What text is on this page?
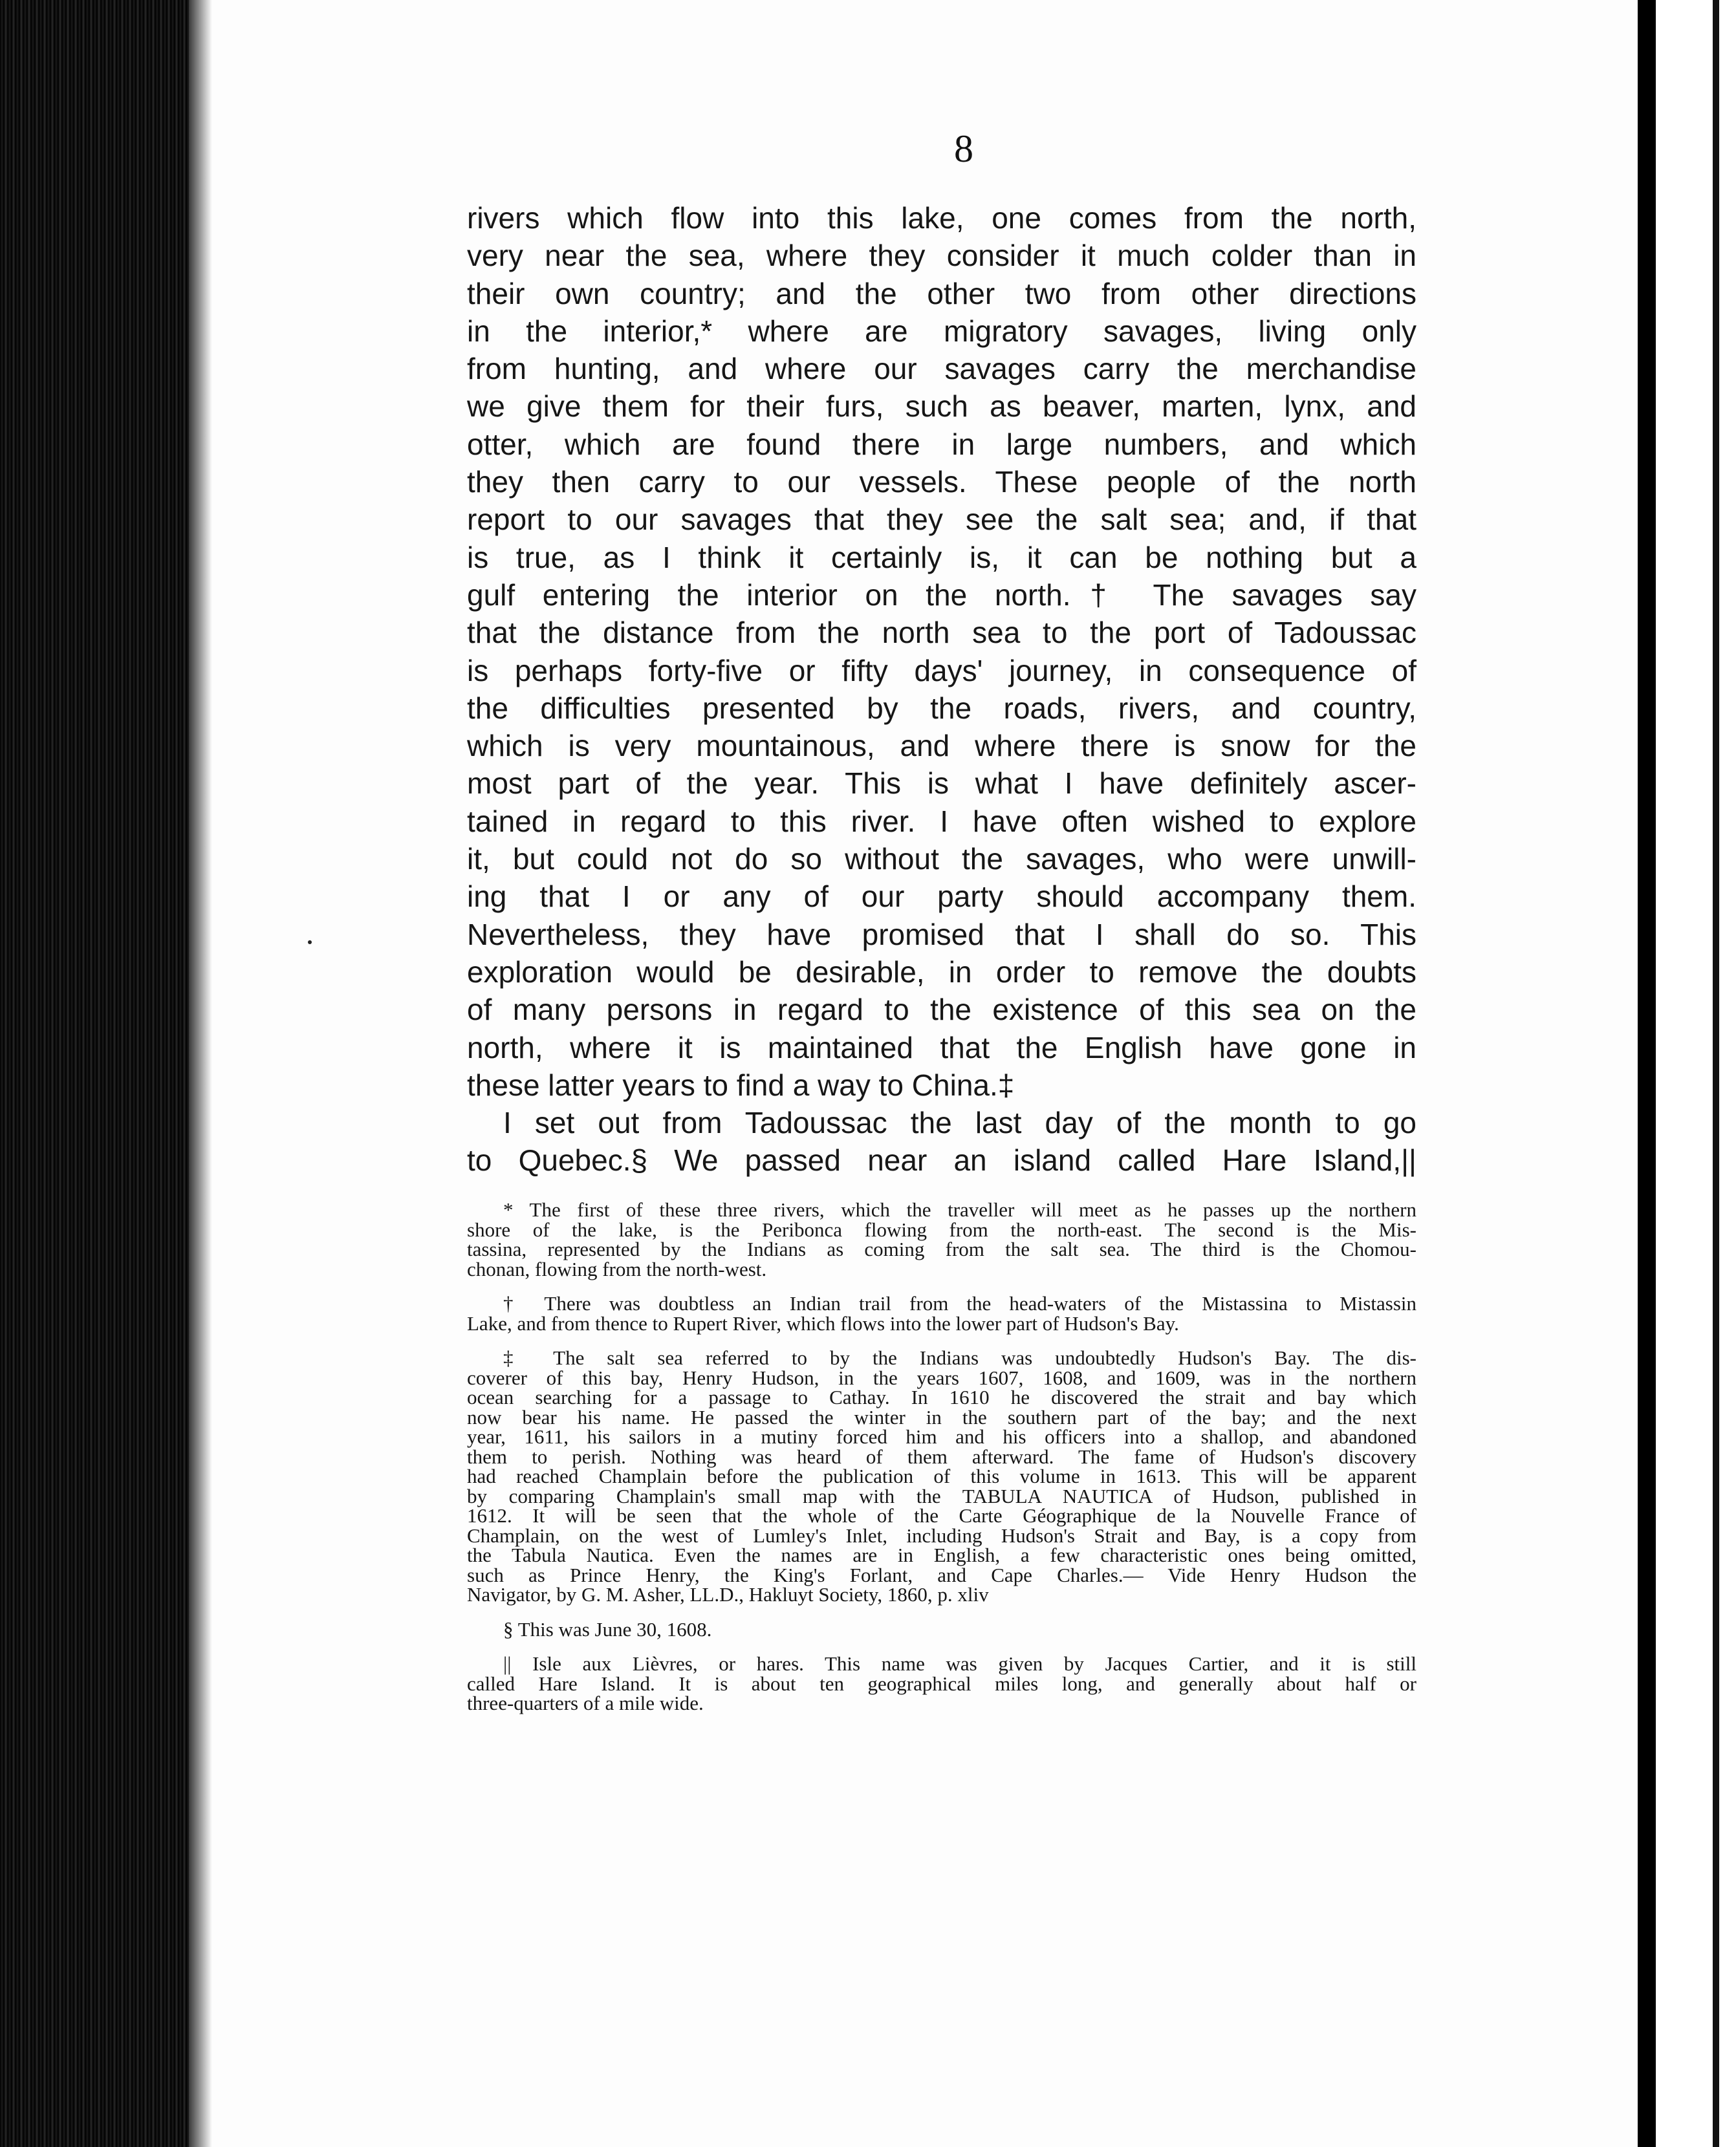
8
rivers which flow into this lake, one comes from the north,
very near the sea, where they consider it much colder than in
their own country; and the other two from other directions
in the interior,* where are migratory savages, living only
from hunting, and where our savages carry the merchandise
we give them for their furs, such as beaver, marten, lynx, and
otter, which are found there in large numbers, and which
they then carry to our vessels. These people of the north
report to our savages that they see the salt sea; and, if that
is true, as I think it certainly is, it can be nothing but a
gulf entering the interior on the north.† The savages say
that the distance from the north sea to the port of Tadoussac
is perhaps forty-five or fifty days' journey, in consequence of
the difficulties presented by the roads, rivers, and country,
which is very mountainous, and where there is snow for the
most part of the year. This is what I have definitely ascer-
tained in regard to this river. I have often wished to explore
it, but could not do so without the savages, who were unwill-
ing that I or any of our party should accompany them.
Nevertheless, they have promised that I shall do so. This
exploration would be desirable, in order to remove the doubts
of many persons in regard to the existence of this sea on the
north, where it is maintained that the English have gone in
these latter years to find a way to China.‡
I set out from Tadoussac the last day of the month to go
to Quebec.§ We passed near an island called Hare Island,||
* The first of these three rivers, which the traveller will meet as he passes up the northern
shore of the lake, is the Peribonca flowing from the north-east. The second is the Mis-
tassina, represented by the Indians as coming from the salt sea. The third is the Chomou-
chonan, flowing from the north-west.
† There was doubtless an Indian trail from the head-waters of the Mistassina to Mistassin
Lake, and from thence to Rupert River, which flows into the lower part of Hudson's Bay.
‡ The salt sea referred to by the Indians was undoubtedly Hudson's Bay. The dis-
coverer of this bay, Henry Hudson, in the years 1607, 1608, and 1609, was in the northern
ocean searching for a passage to Cathay. In 1610 he discovered the strait and bay which
now bear his name. He passed the winter in the southern part of the bay; and the next
year, 1611, his sailors in a mutiny forced him and his officers into a shallop, and abandoned
them to perish. Nothing was heard of them afterward. The fame of Hudson's discovery
had reached Champlain before the publication of this volume in 1613. This will be apparent
by comparing Champlain's small map with the TABULA NAUTICA of Hudson, published in
1612. It will be seen that the whole of the Carte Géographique de la Nouvelle France of
Champlain, on the west of Lumley's Inlet, including Hudson's Strait and Bay, is a copy from
the Tabula Nautica. Even the names are in English, a few characteristic ones being omitted,
such as Prince Henry, the King's Forlant, and Cape Charles.— Vide Henry Hudson the
Navigator, by G. M. Asher, LL.D., Hakluyt Society, 1860, p. xliv
§ This was June 30, 1608.
|| Isle aux Lièvres, or hares. This name was given by Jacques Cartier, and it is still
called Hare Island. It is about ten geographical miles long, and generally about half or
three-quarters of a mile wide.
